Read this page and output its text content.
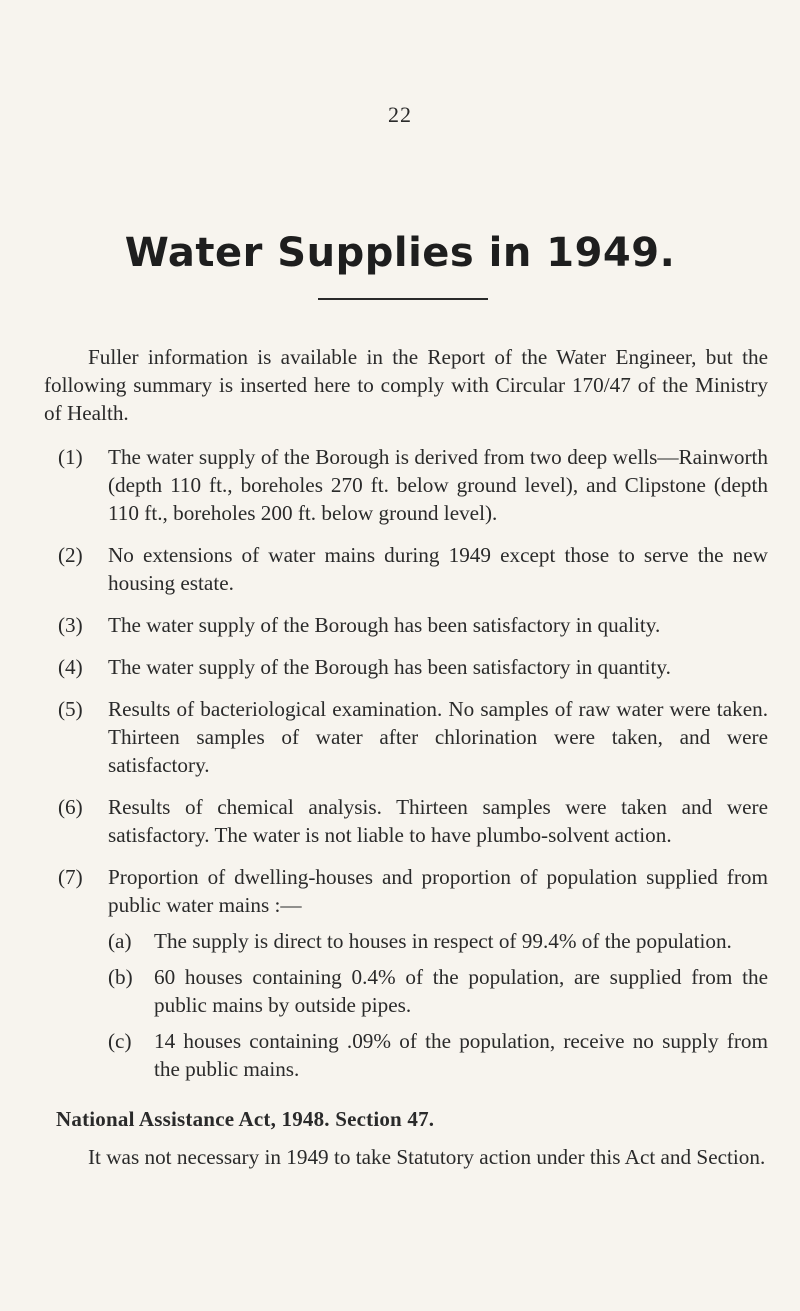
22
Water Supplies in 1949.

Fuller information is available in the Report of the Water Engineer, but the following summary is inserted here to comply with Circular 170/47 of the Ministry of Health.

(1) The water supply of the Borough is derived from two deep wells—Rainworth (depth 110 ft., boreholes 270 ft. below ground level), and Clipstone (depth 110 ft., boreholes 200 ft. below ground level).
(2) No extensions of water mains during 1949 except those to serve the new housing estate.
(3) The water supply of the Borough has been satisfactory in quality.
(4) The water supply of the Borough has been satisfactory in quantity.
(5) Results of bacteriological examination. No samples of raw water were taken. Thirteen samples of water after chlorination were taken, and were satisfactory.
(6) Results of chemical analysis. Thirteen samples were taken and were satisfactory. The water is not liable to have plumbo-solvent action.
(7) Proportion of dwelling-houses and proportion of population supplied from public water mains :—
(a) The supply is direct to houses in respect of 99.4% of the population.
(b) 60 houses containing 0.4% of the population, are supplied from the public mains by outside pipes.
(c) 14 houses containing .09% of the population, receive no supply from the public mains.
National Assistance Act, 1948. Section 47.

It was not necessary in 1949 to take Statutory action under this Act and Section.
